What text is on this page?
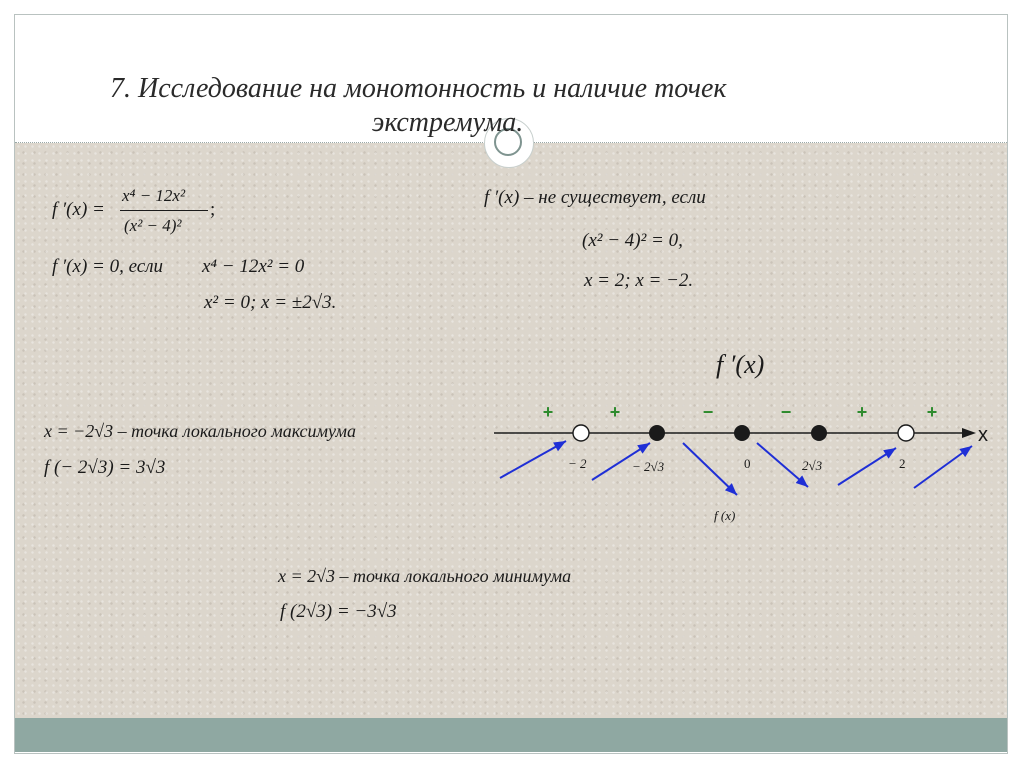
7. Исследование на монотонность и наличие точек
экстремума.
f ′(x) =
x⁴ − 12x²
(x² − 4)²
;
f ′(x) = 0, если x⁴ − 12x² = 0
x² = 0; x = ±2√3.
f ′(x) – не существует, если
(x² − 4)² = 0,
x = 2; x = −2.
f ′(x)
x = −2√3 – точка локального максимума
f (− 2√3) = 3√3
x = 2√3 – точка локального минимума
f (2√3) = −3√3
x
+	+	−	−	+	+
− 2	− 2√3	0	2√3	2
f (x)
